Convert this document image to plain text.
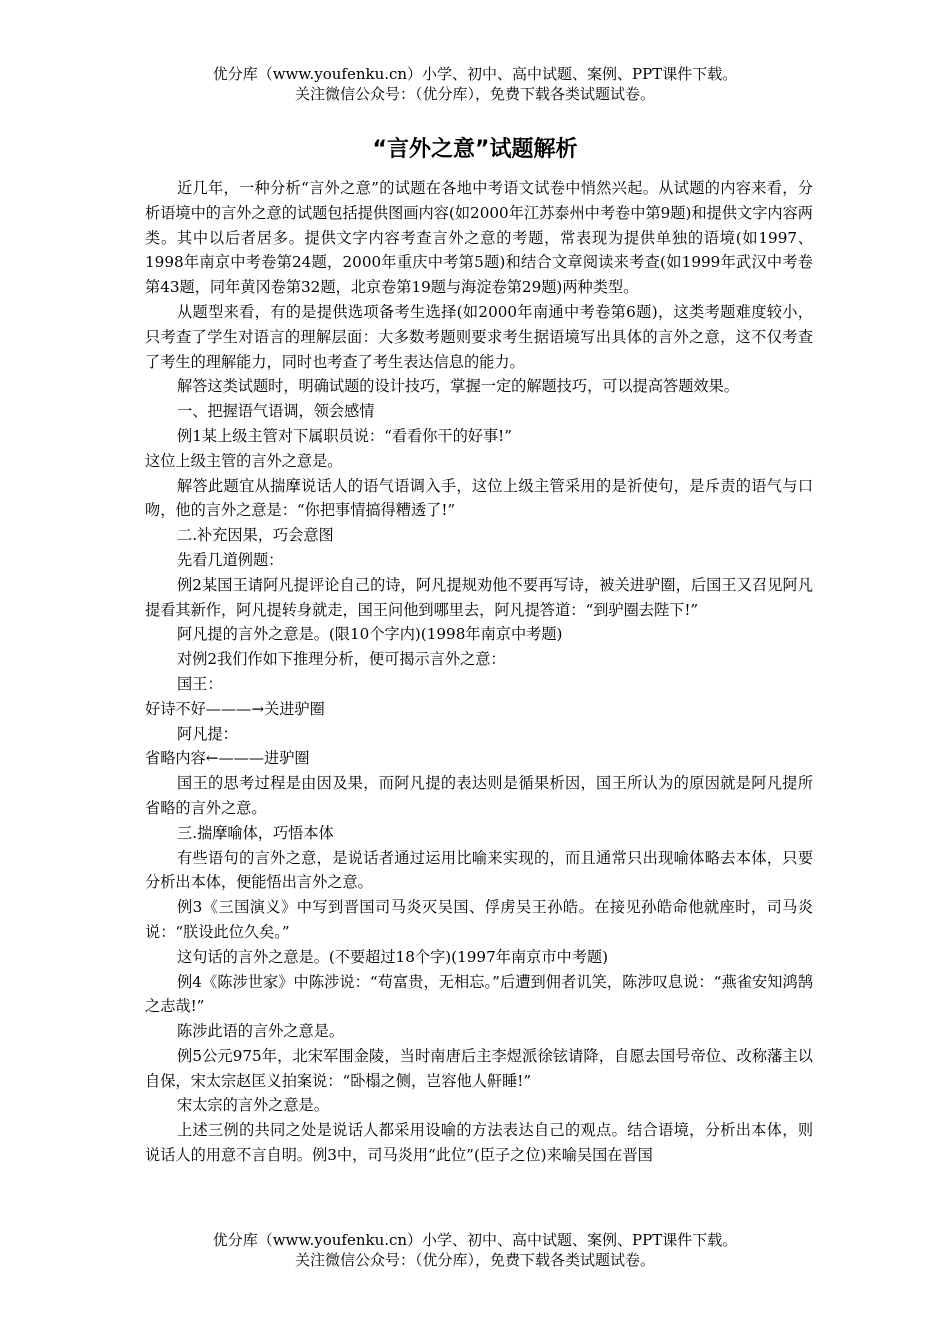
优分库（www.youfenku.cn）小学、初中、高中试题、案例、PPT课件下载。
关注微信公众号：（优分库），免费下载各类试题试卷。
“言外之意”试题解析

近几年，一种分析“言外之意”的试题在各地中考语文试卷中悄然兴起。从试题的内容来看，分析语境中的言外之意的试题包括提供图画内容(如2000年江苏泰州中考卷中第9题)和提供文字内容两类。其中以后者居多。提供文字内容考查言外之意的考题，常表现为提供单独的语境(如1997、1998年南京中考卷第24题，2000年重庆中考第5题)和结合文章阅读来考查(如1999年武汉中考卷第43题，同年黄冈卷第32题，北京卷第19题与海淀卷第29题)两种类型。

从题型来看，有的是提供选项备考生选择(如2000年南通中考卷第6题)，这类考题难度较小，只考查了学生对语言的理解层面：大多数考题则要求考生据语境写出具体的言外之意，这不仅考查了考生的理解能力，同时也考查了考生表达信息的能力。

解答这类试题时，明确试题的设计技巧，掌握一定的解题技巧，可以提高答题效果。

一、把握语气语调，领会感情

例1某上级主管对下属职员说：“看看你干的好事!”

这位上级主管的言外之意是。

解答此题宜从揣摩说话人的语气语调入手，这位上级主管采用的是祈使句，是斥责的语气与口吻，他的言外之意是：“你把事情搞得糟透了!”

二.补充因果，巧会意图

先看几道例题：

例2某国王请阿凡提评论自己的诗，阿凡提规劝他不要再写诗，被关进驴圈，后国王又召见阿凡提看其新作，阿凡提转身就走，国王问他到哪里去，阿凡提答道：“到驴圈去陛下!”

阿凡提的言外之意是。(限10个字内)(1998年南京中考题)

对例2我们作如下推理分析，便可揭示言外之意：

国王：

好诗不好———→关进驴圈

阿凡提：

省略内容←———进驴圈

国王的思考过程是由因及果，而阿凡提的表达则是循果析因，国王所认为的原因就是阿凡提所省略的言外之意。

三.揣摩喻体，巧悟本体

有些语句的言外之意，是说话者通过运用比喻来实现的，而且通常只出现喻体略去本体，只要分析出本体，便能悟出言外之意。

例3《三国演义》中写到晋国司马炎灭吴国、俘虏吴王孙皓。在接见孙皓命他就座时，司马炎说：“朕设此位久矣。”

这句话的言外之意是。(不要超过18个字)(1997年南京市中考题)

例4《陈涉世家》中陈涉说：“苟富贵，无相忘。”后遭到佣者讥笑，陈涉叹息说：“燕雀安知鸿鹄之志哉!”

陈涉此语的言外之意是。

例5公元975年，北宋军围金陵，当时南唐后主李煜派徐铉请降，自愿去国号帝位、改称藩主以自保，宋太宗赵匡义拍案说：“卧榻之侧，岂容他人鼾睡!”

宋太宗的言外之意是。

上述三例的共同之处是说话人都采用设喻的方法表达自己的观点。结合语境，分析出本体，则说话人的用意不言自明。例3中，司马炎用“此位”(臣子之位)来喻吴国在晋国

优分库（www.youfenku.cn）小学、初中、高中试题、案例、PPT课件下载。
关注微信公众号：（优分库），免费下载各类试题试卷。
